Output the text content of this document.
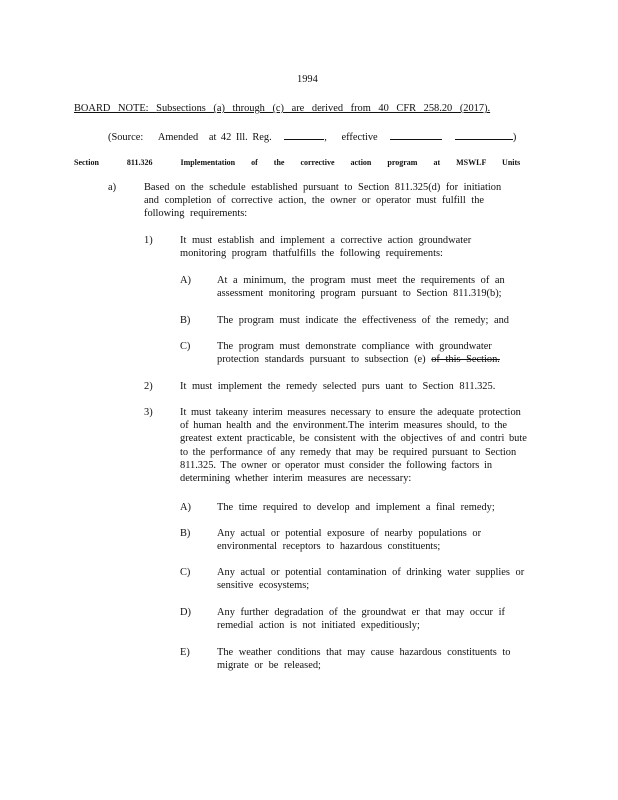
1994
BOARD NOTE: Subsections (a) through (c) are derived from 40 CFR 258.20 (2017).
(Source: Amended at 42 Ill. Reg.	, effective	)
Section	811.326	Implementation of the corrective action program at MSWLF Units
a)	Based on the schedule established pursuant to Section 811.325(d) for initiation and completion of corrective action, the owner or operator must fulfill the following requirements:
1)	It must establish and implement a corrective action groundwater monitoring program thatfulfills the following requirements:
A)	At a minimum, the program must meet the requirements of an assessment monitoring program pursuant to Section 811.319(b);
B)	The program must indicate the effectiveness of the remedy; and
C)	The program must demonstrate compliance with groundwater protection standards pursuant to subsection (e) of this Section.
2)	It must implement the remedy selected purs uant to Section 811.325.
3)	It must takeany interim measures necessary to ensure the adequate protection of human health and the environment.The interim measures should, to the greatest extent practicable, be consistent with the objectives of and contri bute to the performance of any remedy that may be required pursuant to Section 811.325. The owner or operator must consider the following factors in determining whether interim measures are necessary:
A)	The time required to develop and implement a final remedy;
B)	Any actual or potential exposure of nearby populations or environmental receptors to hazardous constituents;
C)	Any actual or potential contamination of drinking water supplies or sensitive ecosystems;
D)	Any further degradation of the groundwat er that may occur if remedial action is not initiated expeditiously;
E)	The weather conditions that may cause hazardous constituents to migrate or be released;
